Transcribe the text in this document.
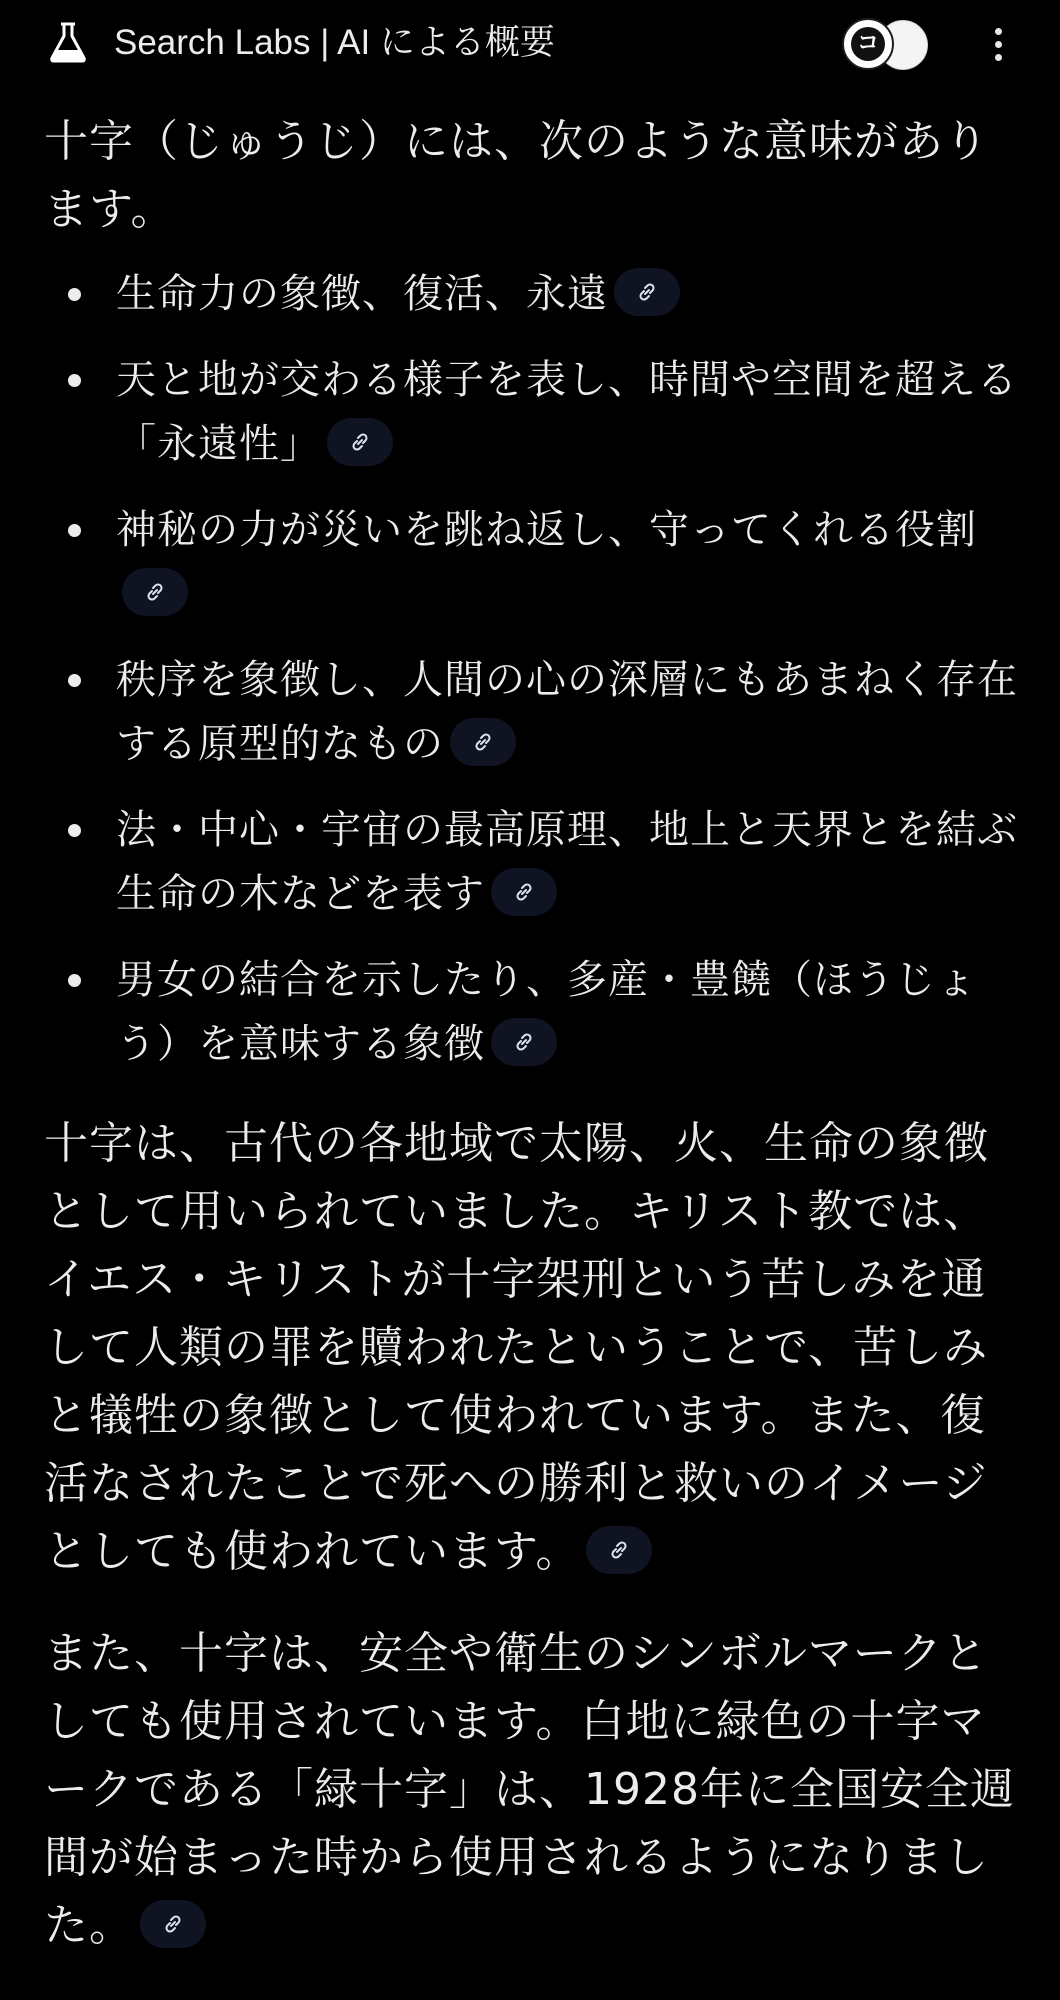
Search Labs | AI による概要	コ

十字（じゅうじ）には、次のような意味があります。

生命力の象徴、復活、永遠
天と地が交わる様子を表し、時間や空間を超える「永遠性」
神秘の力が災いを跳ね返し、守ってくれる役割
秩序を象徴し、人間の心の深層にもあまねく存在する原型的なもの
法・中心・宇宙の最高原理、地上と天界とを結ぶ生命の木などを表す
男女の結合を示したり、多産・豊饒（ほうじょう）を意味する象徴

十字は、古代の各地域で太陽、火、生命の象徴として用いられていました。キリスト教では、イエス・キリストが十字架刑という苦しみを通して人類の罪を贖われたということで、苦しみと犠牲の象徴として使われています。また、復活なされたことで死への勝利と救いのイメージとしても使われています。

また、十字は、安全や衛生のシンボルマークとしても使用されています。白地に緑色の十字マークである「緑十字」は、1928年に全国安全週間が始まった時から使用されるようになりました。
